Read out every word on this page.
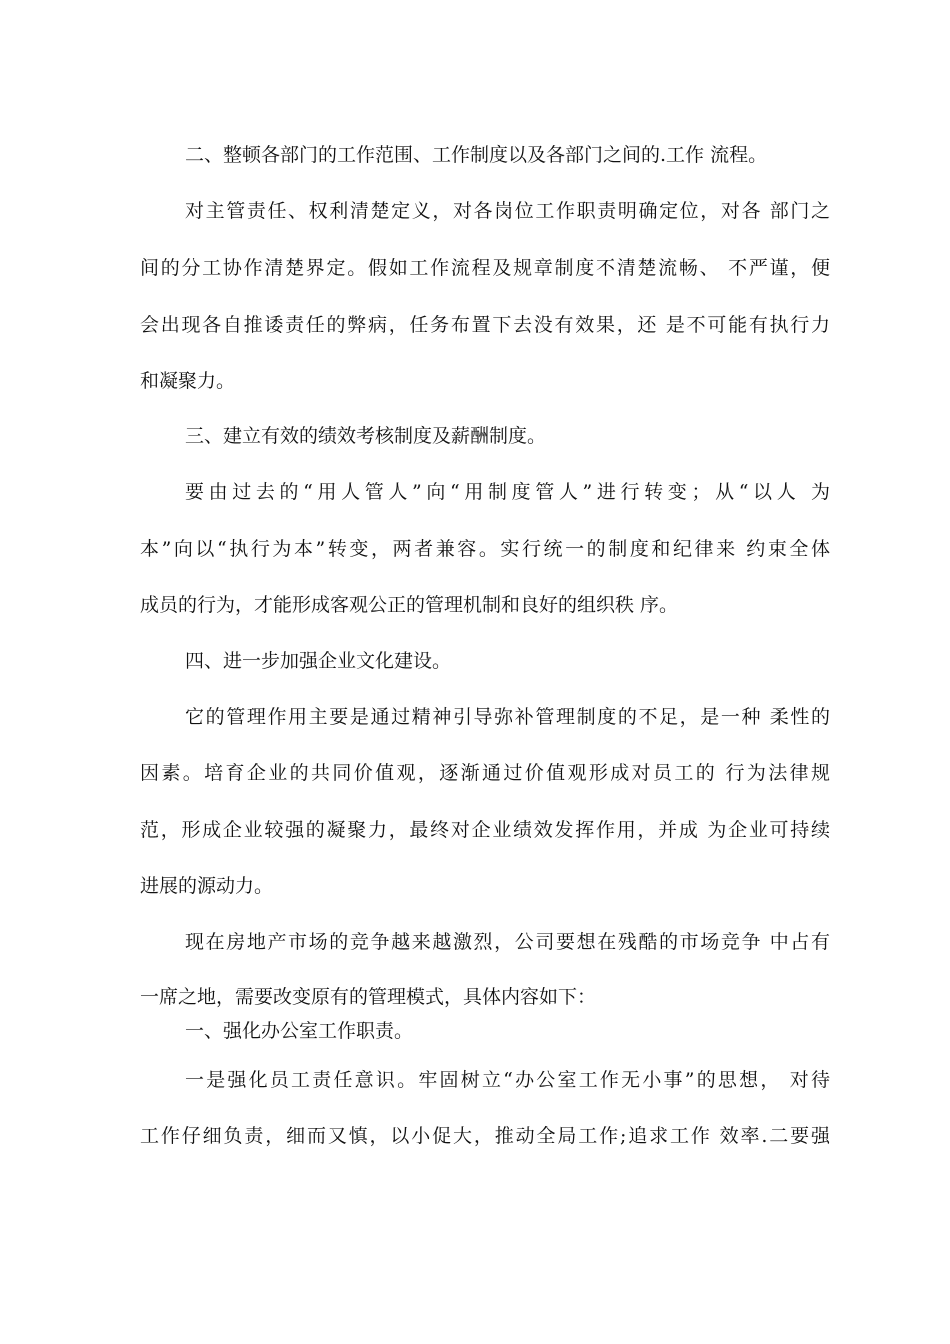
二、整顿各部门的工作范围、工作制度以及各部门之间的.工作 流程。
对主管责任、权利清楚定义，对各岗位工作职责明确定位，对各 部门之
间的分工协作清楚界定。假如工作流程及规章制度不清楚流畅、 不严谨，便
会出现各自推诿责任的弊病，任务布置下去没有效果，还 是不可能有执行力
和凝聚力。
三、建立有效的绩效考核制度及薪酬制度。
要由过去的“用人管人”向“用制度管人”进行转变；从“以人 为
本”向以“执行为本”转变，两者兼容。实行统一的制度和纪律来 约束全体
成员的行为，才能形成客观公正的管理机制和良好的组织秩 序。
四、进一步加强企业文化建设。
它的管理作用主要是通过精神引导弥补管理制度的不足，是一种 柔性的
因素。培育企业的共同价值观，逐渐通过价值观形成对员工的 行为法律规
范，形成企业较强的凝聚力，最终对企业绩效发挥作用，并成 为企业可持续
进展的源动力。
现在房地产市场的竞争越来越激烈，公司要想在残酷的市场竞争 中占有
一席之地，需要改变原有的管理模式，具体内容如下：
一、强化办公室工作职责。
一是强化员工责任意识。牢固树立“办公室工作无小事”的思想， 对待
工作仔细负责，细而又慎，以小促大，推动全局工作;追求工作 效率.二要强
